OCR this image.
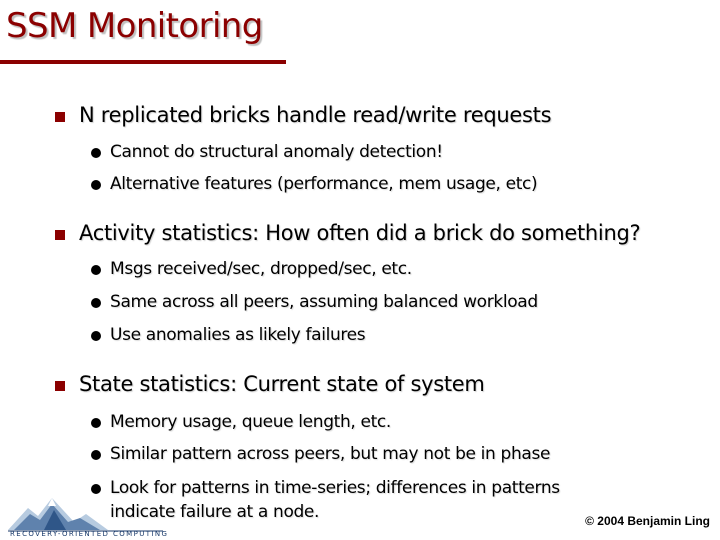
SSM Monitoring
N replicated bricks handle read/write requests
Cannot do structural anomaly detection!
Alternative features (performance, mem usage, etc)
Activity statistics: How often did a brick do something?
Msgs received/sec, dropped/sec, etc.
Same across all peers, assuming balanced workload
Use anomalies as likely failures
State statistics: Current state of system
Memory usage, queue length, etc.
Similar pattern across peers, but may not be in phase
Look for patterns in time-series; differences in patterns
indicate failure at a node.
RECOVERY-ORIENTED COMPUTING
© 2004 Benjamin Ling
